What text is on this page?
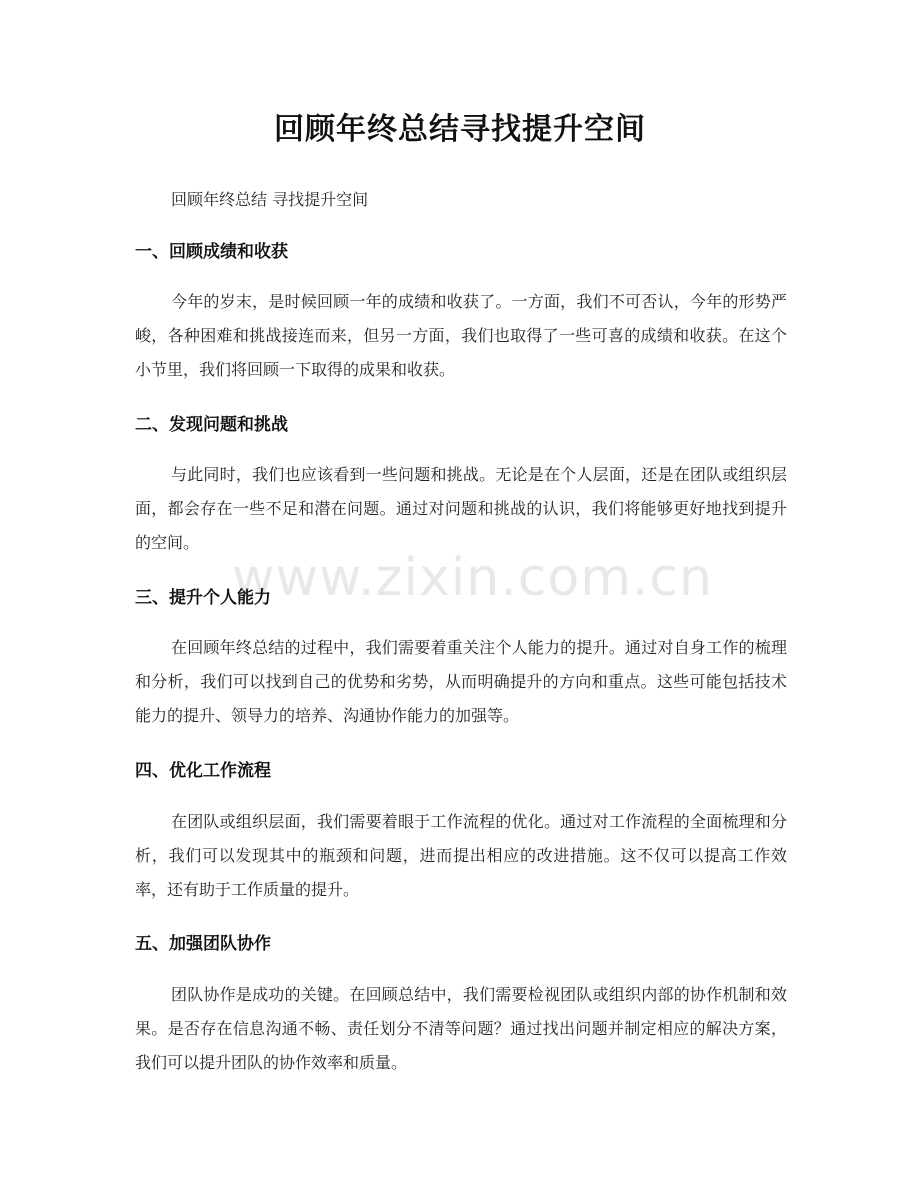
www.zixin.com.cn
回顾年终总结寻找提升空间
回顾年终总结 寻找提升空间
一、回顾成绩和收获

今年的岁末，是时候回顾一年的成绩和收获了。一方面，我们不可否认，今年的形势严峻，各种困难和挑战接连而来，但另一方面，我们也取得了一些可喜的成绩和收获。在这个小节里，我们将回顾一下取得的成果和收获。

二、发现问题和挑战

与此同时，我们也应该看到一些问题和挑战。无论是在个人层面，还是在团队或组织层面，都会存在一些不足和潜在问题。通过对问题和挑战的认识，我们将能够更好地找到提升的空间。

三、提升个人能力

在回顾年终总结的过程中，我们需要着重关注个人能力的提升。通过对自身工作的梳理和分析，我们可以找到自己的优势和劣势，从而明确提升的方向和重点。这些可能包括技术能力的提升、领导力的培养、沟通协作能力的加强等。

四、优化工作流程

在团队或组织层面，我们需要着眼于工作流程的优化。通过对工作流程的全面梳理和分析，我们可以发现其中的瓶颈和问题，进而提出相应的改进措施。这不仅可以提高工作效率，还有助于工作质量的提升。

五、加强团队协作

团队协作是成功的关键。在回顾总结中，我们需要检视团队或组织内部的协作机制和效果。是否存在信息沟通不畅、责任划分不清等问题？通过找出问题并制定相应的解决方案，我们可以提升团队的协作效率和质量。
